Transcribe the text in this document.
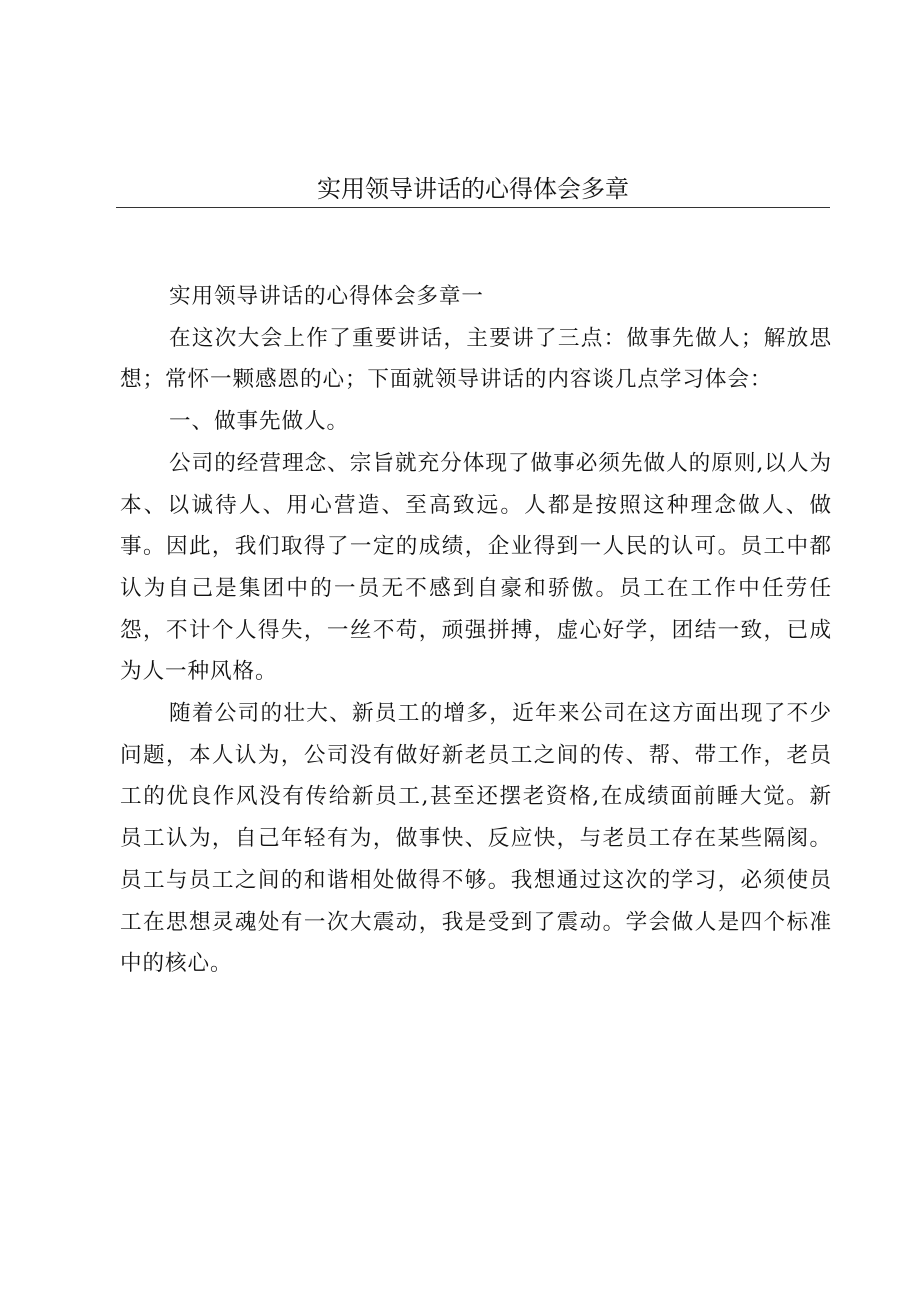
实用领导讲话的心得体会多章

实用领导讲话的心得体会多章一

在这次大会上作了重要讲话，主要讲了三点：做事先做人；解放思想；常怀一颗感恩的心；下面就领导讲话的内容谈几点学习体会：

一、做事先做人。

公司的经营理念、宗旨就充分体现了做事必须先做人的原则,以人为本、以诚待人、用心营造、至高致远。人都是按照这种理念做人、做事。因此，我们取得了一定的成绩，企业得到一人民的认可。员工中都认为自己是集团中的一员无不感到自豪和骄傲。员工在工作中任劳任怨，不计个人得失，一丝不苟，顽强拼搏，虚心好学，团结一致，已成为人一种风格。

随着公司的壮大、新员工的增多，近年来公司在这方面出现了不少问题，本人认为，公司没有做好新老员工之间的传、帮、带工作，老员工的优良作风没有传给新员工,甚至还摆老资格,在成绩面前睡大觉。新员工认为，自己年轻有为，做事快、反应快，与老员工存在某些隔阂。员工与员工之间的和谐相处做得不够。我想通过这次的学习，必须使员工在思想灵魂处有一次大震动，我是受到了震动。学会做人是四个标准中的核心。
